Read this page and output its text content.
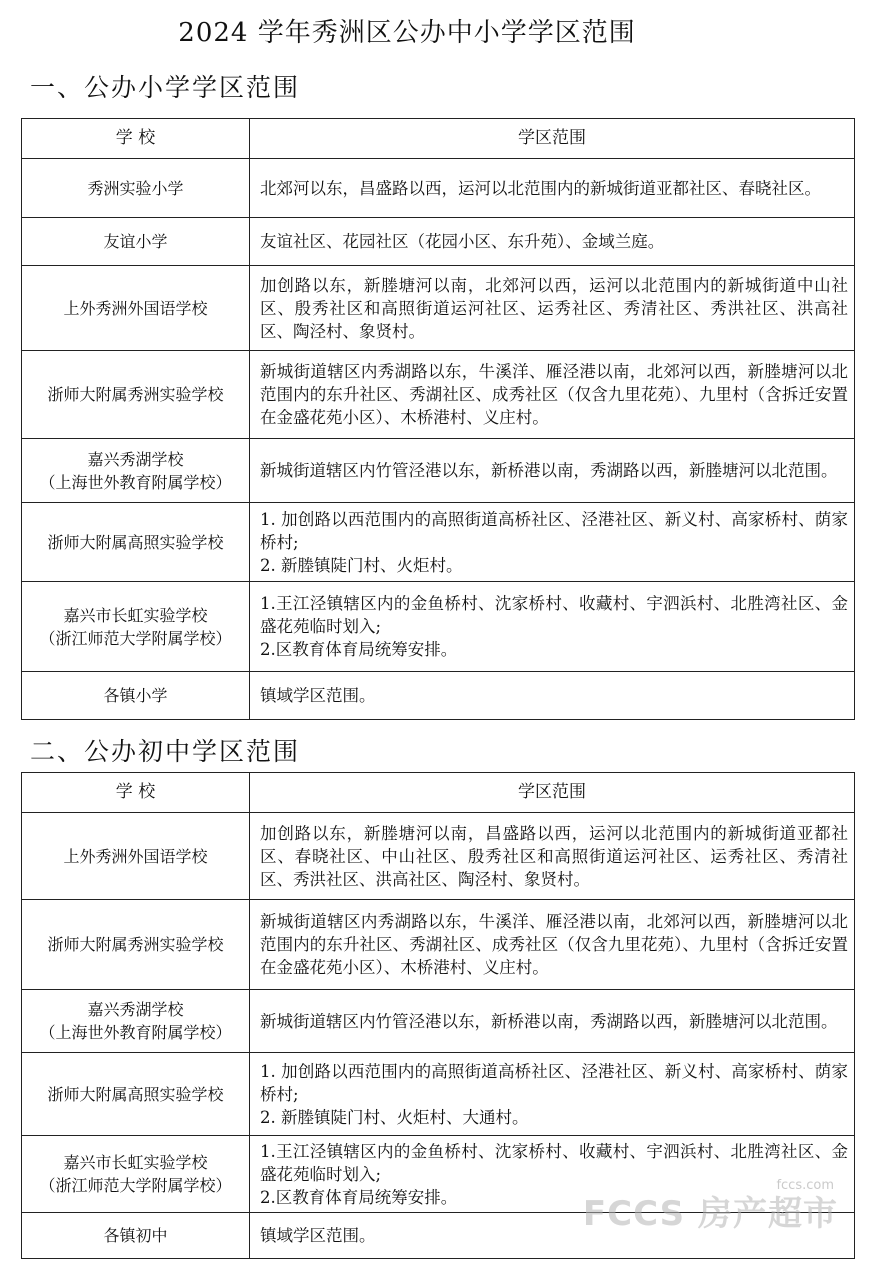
2024 学年秀洲区公办中小学学区范围
一、公办小学学区范围
学 校	学区范围

秀洲实验小学	北郊河以东，昌盛路以西，运河以北范围内的新城街道亚都社区、春晓社区。

友谊小学	友谊社区、花园社区（花园小区、东升苑）、金域兰庭。

上外秀洲外国语学校	加创路以东，新塍塘河以南，北郊河以西，运河以北范围内的新城街道中山社区、殷秀社区和高照街道运河社区、运秀社区、秀清社区、秀洪社区、洪高社区、陶泾村、象贤村。

浙师大附属秀洲实验学校	新城街道辖区内秀湖路以东，牛溪洋、雁泾港以南，北郊河以西，新塍塘河以北范围内的东升社区、秀湖社区、成秀社区（仅含九里花苑）、九里村（含拆迁安置在金盛花苑小区）、木桥港村、义庄村。

嘉兴秀湖学校
（上海世外教育附属学校）	新城街道辖区内竹管泾港以东，新桥港以南，秀湖路以西，新塍塘河以北范围。

浙师大附属高照实验学校	1. 加创路以西范围内的高照街道高桥社区、泾港社区、新义村、高家桥村、荫家桥村;
2. 新塍镇陡门村、火炬村。

嘉兴市长虹实验学校
（浙江师范大学附属学校）	1.王江泾镇辖区内的金鱼桥村、沈家桥村、收藏村、宇泗浜村、北胜湾社区、金盛花苑临时划入;
2.区教育体育局统筹安排。

各镇小学	镇域学区范围。
二、公办初中学区范围
学 校	学区范围

上外秀洲外国语学校	加创路以东，新塍塘河以南，昌盛路以西，运河以北范围内的新城街道亚都社区、春晓社区、中山社区、殷秀社区和高照街道运河社区、运秀社区、秀清社区、秀洪社区、洪高社区、陶泾村、象贤村。

浙师大附属秀洲实验学校	新城街道辖区内秀湖路以东，牛溪洋、雁泾港以南，北郊河以西，新塍塘河以北范围内的东升社区、秀湖社区、成秀社区（仅含九里花苑）、九里村（含拆迁安置在金盛花苑小区）、木桥港村、义庄村。

嘉兴秀湖学校
（上海世外教育附属学校）	新城街道辖区内竹管泾港以东，新桥港以南，秀湖路以西，新塍塘河以北范围。

浙师大附属高照实验学校	1. 加创路以西范围内的高照街道高桥社区、泾港社区、新义村、高家桥村、荫家桥村;
2. 新塍镇陡门村、火炬村、大通村。

嘉兴市长虹实验学校
（浙江师范大学附属学校）	1.王江泾镇辖区内的金鱼桥村、沈家桥村、收藏村、宇泗浜村、北胜湾社区、金盛花苑临时划入;
2.区教育体育局统筹安排。

各镇初中	镇域学区范围。
fccs.com
FCCS 房产超市
